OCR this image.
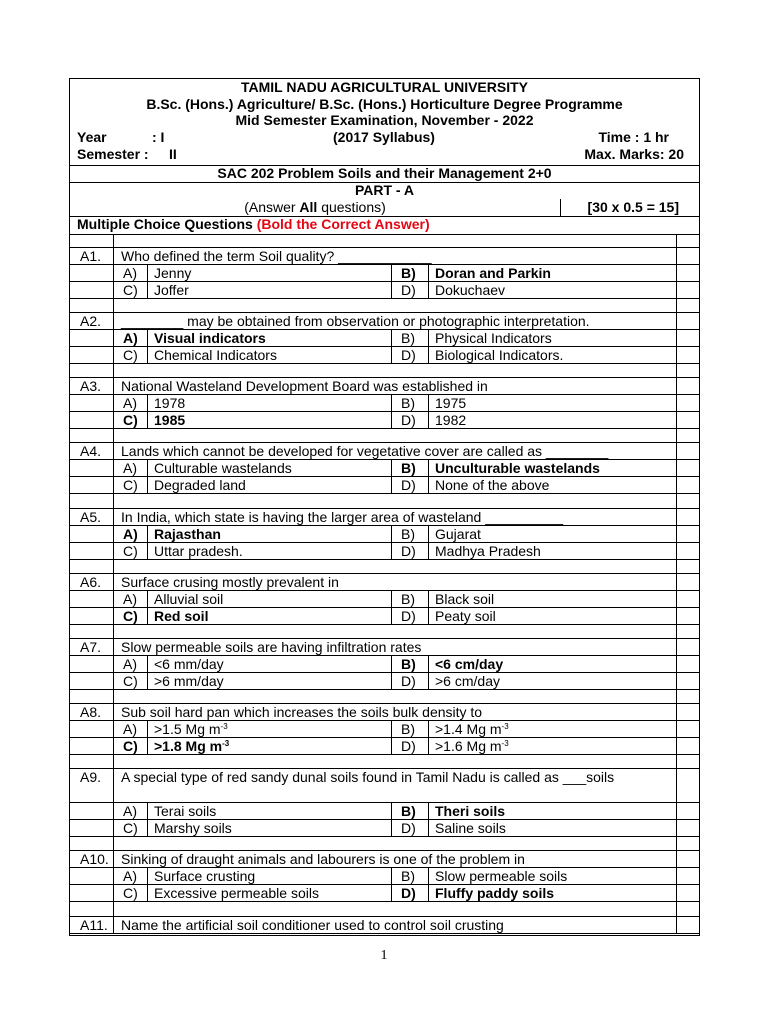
TAMIL NADU AGRICULTURAL UNIVERSITY
B.Sc. (Hons.) Agriculture/ B.Sc. (Hons.) Horticulture Degree Programme
Mid Semester Examination, November - 2022
Year	: I	(2017 Syllabus)	Time : 1 hr
Semester : II	Max. Marks: 20
SAC 202 Problem Soils and their Management 2+0
PART - A
(Answer All questions)	[30 x 0.5 = 15]
Multiple Choice Questions (Bold the Correct Answer)
A1. Who defined the term Soil quality? ____________
A) Jenny	B) Doran and Parkin
C) Joffer	D) Dokuchaev
A2. ________ may be obtained from observation or photographic interpretation.
A) Visual indicators	B) Physical Indicators
C) Chemical Indicators	D) Biological Indicators.
A3. National Wasteland Development Board was established in
A) 1978	B) 1975
C) 1985	D) 1982
A4. Lands which cannot be developed for vegetative cover are called as ________
A) Culturable wastelands	B) Unculturable wastelands
C) Degraded land	D) None of the above
A5. In India, which state is having the larger area of wasteland __________
A) Rajasthan	B) Gujarat
C) Uttar pradesh.	D) Madhya Pradesh
A6. Surface crusing mostly prevalent in
A) Alluvial soil	B) Black soil
C) Red soil	D) Peaty soil
A7. Slow permeable soils are having infiltration rates
A) <6 mm/day	B) <6 cm/day
C) >6 mm/day	D) >6 cm/day
A8. Sub soil hard pan which increases the soils bulk density to
A) >1.5 Mg $m^{-3}$	B) >1.4 Mg $m^{-3}$
C) >1.8 Mg $m^{-3}$	D) >1.6 Mg $m^{-3}$
A9. A special type of red sandy dunal soils found in Tamil Nadu is called as ___soils
A) Terai soils	B) Theri soils
C) Marshy soils	D) Saline soils
A10. Sinking of draught animals and labourers is one of the problem in
A) Surface crusting	B) Slow permeable soils
C) Excessive permeable soils	D) Fluffy paddy soils
A11. Name the artificial soil conditioner used to control soil crusting
1
